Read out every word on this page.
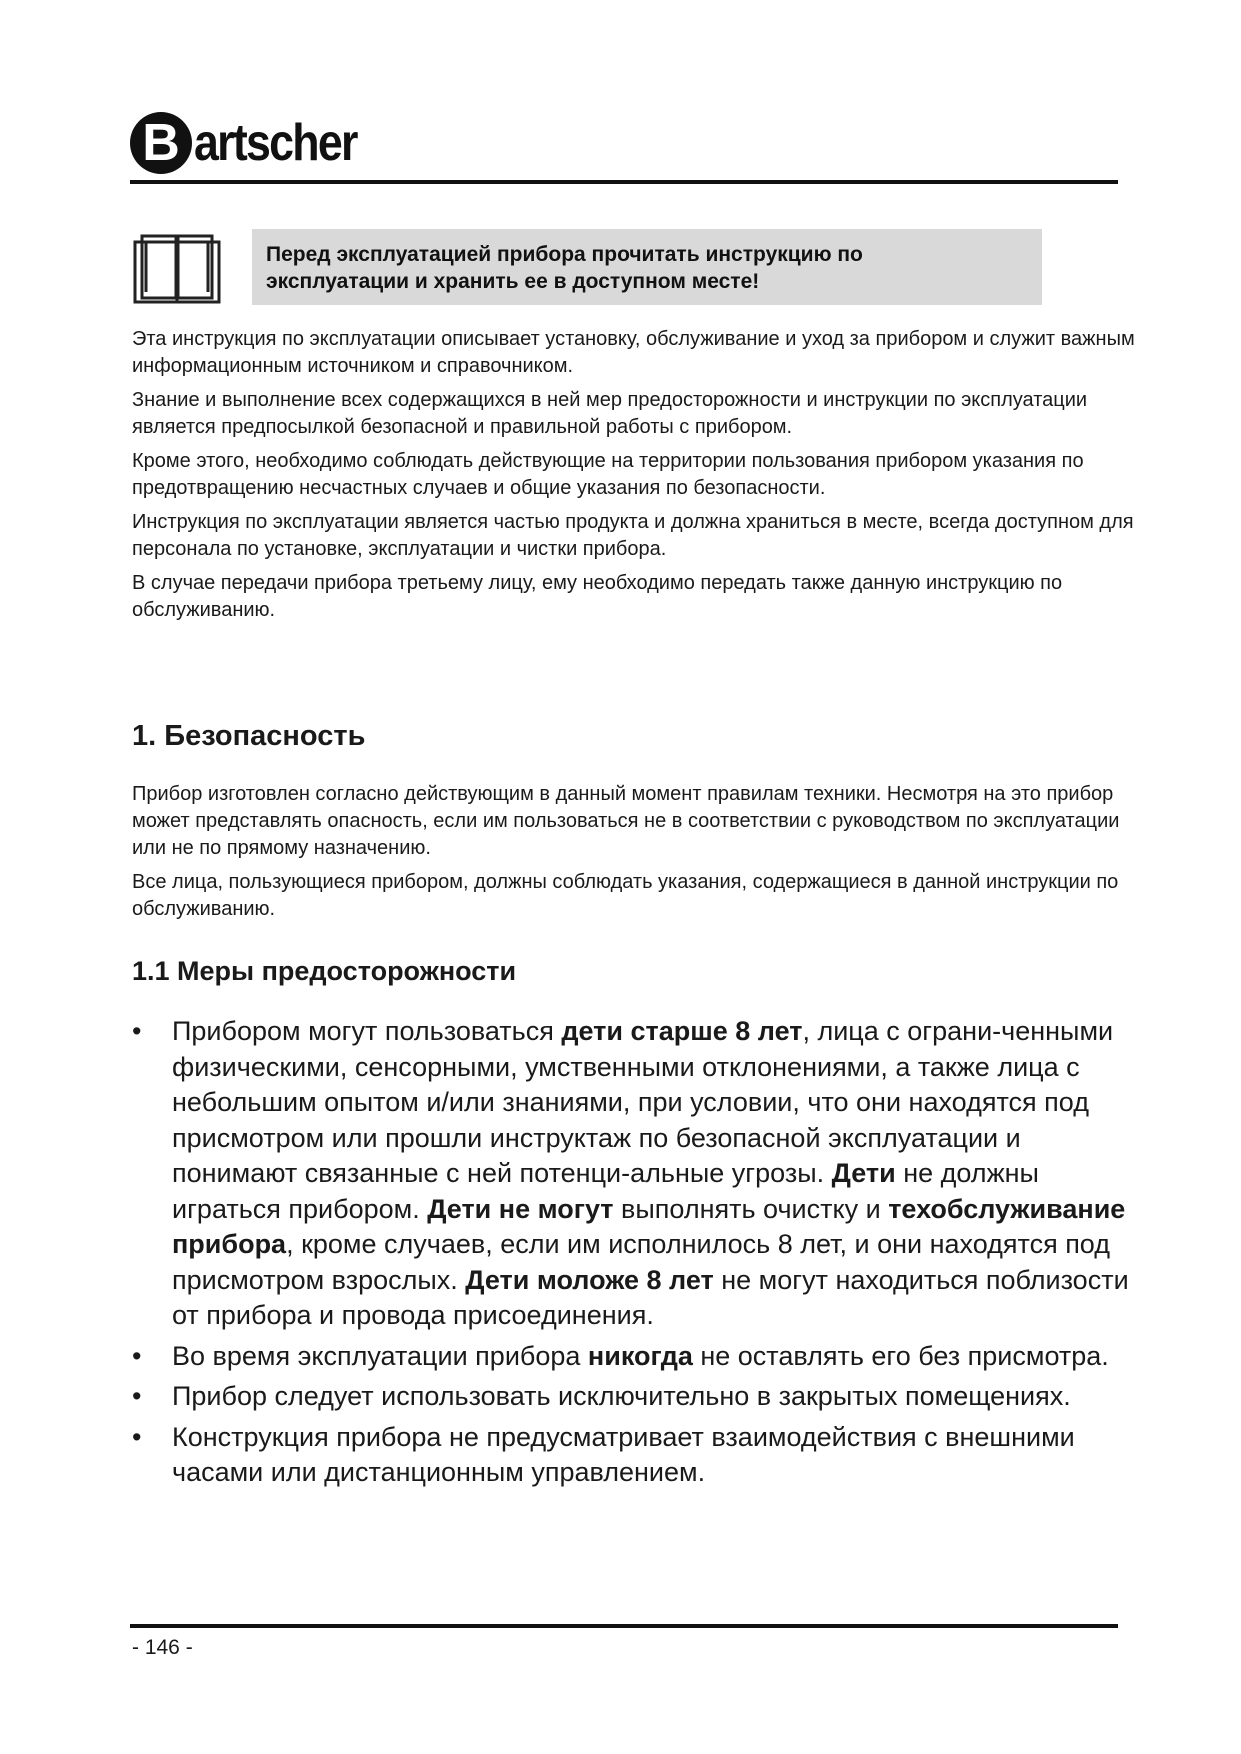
B artscher
Перед эксплуатацией прибора прочитать инструкцию по
эксплуатации и хранить ее в доступном месте!

Эта инструкция по эксплуатации описывает установку, обслуживание и уход за прибором и служит важным информационным источником и справочником.

Знание и выполнение всех содержащихся в ней мер предосторожности и инструкции по эксплуатации является предпосылкой безопасной и правильной работы с прибором.

Кроме этого, необходимо соблюдать действующие на территории пользования прибором указания по предотвращению несчастных случаев и общие указания по безопасности.

Инструкция по эксплуатации является частью продукта и должна храниться в месте, всегда доступном для персонала по установке, эксплуатации и чистки прибора.

В случае передачи прибора третьему лицу, ему необходимо передать также данную инструкцию по обслуживанию.

1. Безопасность

Прибор изготовлен согласно действующим в данный момент правилам техники. Несмотря на это прибор может представлять опасность, если им пользоваться не в соответствии с руководством по эксплуатации или не по прямому назначению.

Все лица, пользующиеся прибором, должны соблюдать указания, содержащиеся в данной инструкции по обслуживанию.

1.1 Меры предосторожности
• Прибором могут пользоваться дети старше 8 лет, лица с ограни-ченными физическими, сенсорными, умственными отклонениями, а также лица с небольшим опытом и/или знаниями, при условии, что они находятся под присмотром или прошли инструктаж по безопасной эксплуатации и понимают связанные с ней потенци-альные угрозы. Дети не должны играться прибором. Дети не могут выполнять очистку и техобслуживание прибора, кроме случаев, если им исполнилось 8 лет, и они находятся под присмотром взрослых. Дети моложе 8 лет не могут находиться поблизости от прибора и провода присоединения.
• Во время эксплуатации прибора никогда не оставлять его без присмотра.
• Прибор следует использовать исключительно в закрытых помещениях.
• Конструкция прибора не предусматривает взаимодействия с внешними часами или дистанционным управлением.
- 146 -
